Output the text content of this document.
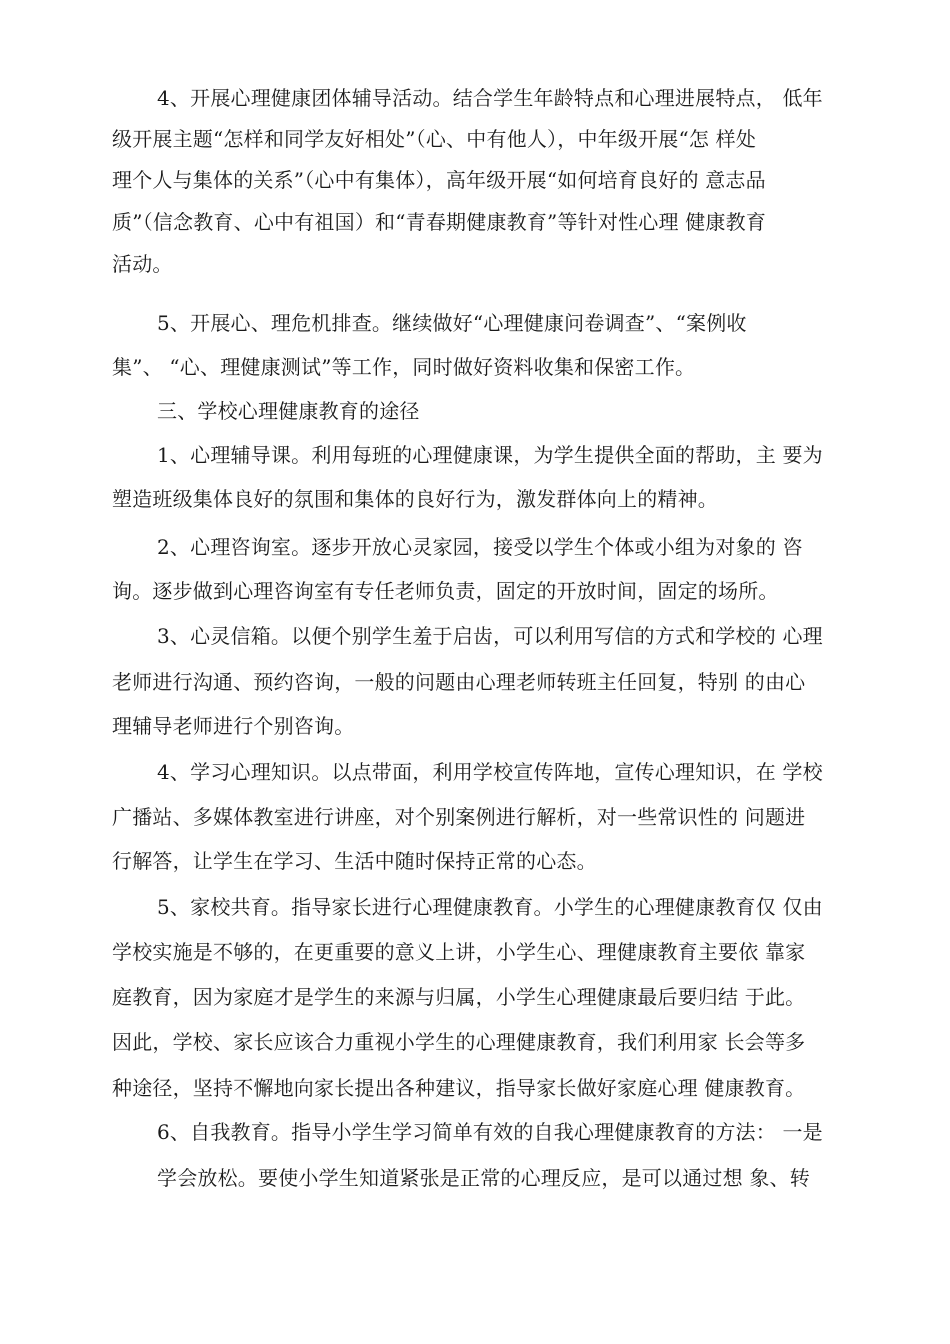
4、开展心理健康团体辅导活动。结合学生年龄特点和心理进展特点， 低年
级开展主题“怎样和同学友好相处”（心、中有他人），中年级开展“怎 样处
理个人与集体的关系”（心中有集体），高年级开展“如何培育良好的 意志品
质”（信念教育、心中有祖国）和“青春期健康教育”等针对性心理 健康教育
活动。
5、开展心、理危机排查。继续做好“心理健康问卷调查”、“案例收
集”、 “心、理健康测试”等工作，同时做好资料收集和保密工作。
三、学校心理健康教育的途径
1、心理辅导课。利用每班的心理健康课，为学生提供全面的帮助，主 要为
塑造班级集体良好的氛围和集体的良好行为，激发群体向上的精神。
2、心理咨询室。逐步开放心灵家园，接受以学生个体或小组为对象的 咨
询。逐步做到心理咨询室有专任老师负责，固定的开放时间，固定的场所。
3、心灵信箱。以便个别学生羞于启齿，可以利用写信的方式和学校的 心理
老师进行沟通、预约咨询，一般的问题由心理老师转班主任回复，特别 的由心
理辅导老师进行个别咨询。
4、学习心理知识。以点带面，利用学校宣传阵地，宣传心理知识，在 学校
广播站、多媒体教室进行讲座，对个别案例进行解析，对一些常识性的 问题进
行解答，让学生在学习、生活中随时保持正常的心态。
5、家校共育。指导家长进行心理健康教育。小学生的心理健康教育仅 仅由
学校实施是不够的，在更重要的意义上讲，小学生心、理健康教育主要依 靠家
庭教育，因为家庭才是学生的来源与归属，小学生心理健康最后要归结 于此。
因此，学校、家长应该合力重视小学生的心理健康教育，我们利用家 长会等多
种途径，坚持不懈地向家长提出各种建议，指导家长做好家庭心理 健康教育。
6、自我教育。指导小学生学习简单有效的自我心理健康教育的方法： 一是
学会放松。要使小学生知道紧张是正常的心理反应，是可以通过想 象、转
